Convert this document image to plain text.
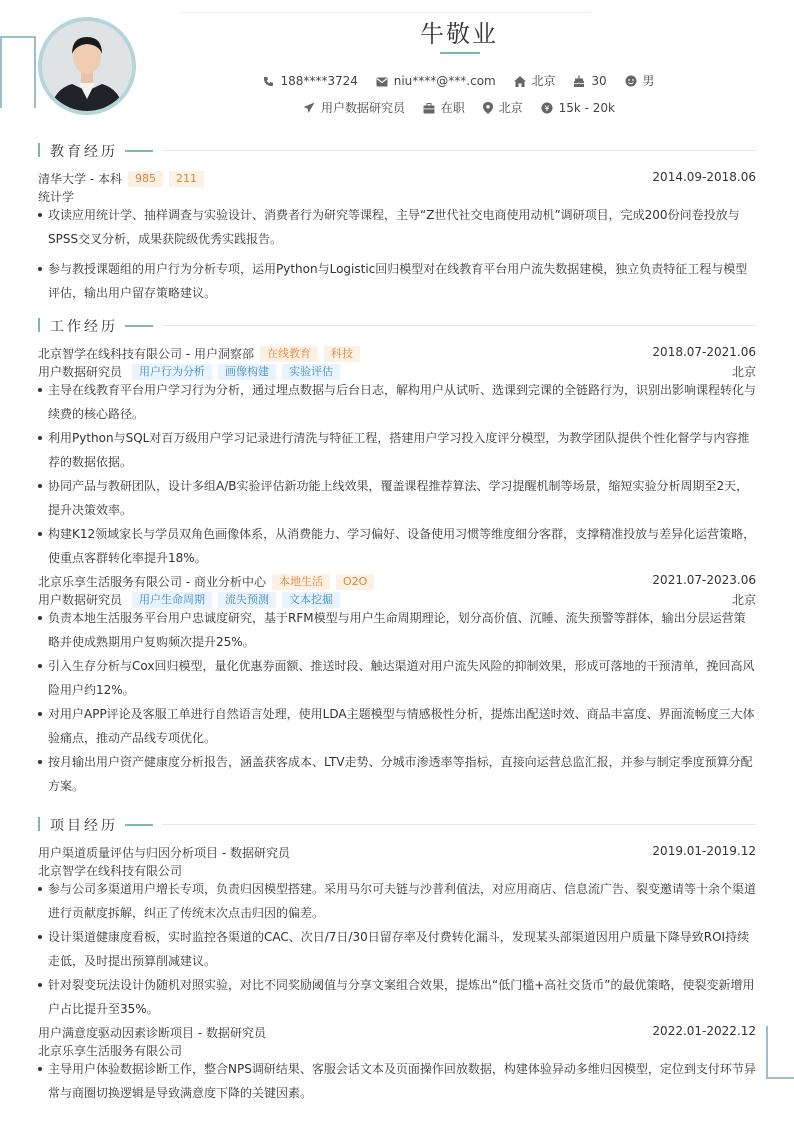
牛敬业
188****3724	niu****@***.com	北京	30	男
用户数据研究员	在职	北京	15k - 20k
教育经历
清华大学 - 本科 985 211	2014.09-2018.06
统计学
攻读应用统计学、抽样调查与实验设计、消费者行为研究等课程，主导“Z世代社交电商使用动机”调研项目，完成200份问卷投放与SPSS交叉分析，成果获院级优秀实践报告。
参与教授课题组的用户行为分析专项，运用Python与Logistic回归模型对在线教育平台用户流失数据建模，独立负责特征工程与模型评估，输出用户留存策略建议。
工作经历
北京智学在线科技有限公司 - 用户洞察部 在线教育 科技	2018.07-2021.06
用户数据研究员 用户行为分析 画像构建 实验评估	北京
主导在线教育平台用户学习行为分析，通过埋点数据与后台日志，解构用户从试听、选课到完课的全链路行为，识别出影响课程转化与续费的核心路径。
利用Python与SQL对百万级用户学习记录进行清洗与特征工程，搭建用户学习投入度评分模型，为教学团队提供个性化督学与内容推荐的数据依据。
协同产品与教研团队，设计多组A/B实验评估新功能上线效果，覆盖课程推荐算法、学习提醒机制等场景，缩短实验分析周期至2天，提升决策效率。
构建K12领域家长与学员双角色画像体系，从消费能力、学习偏好、设备使用习惯等维度细分客群，支撑精准投放与差异化运营策略，使重点客群转化率提升18%。
北京乐享生活服务有限公司 - 商业分析中心 本地生活 O2O	2021.07-2023.06
用户数据研究员 用户生命周期 流失预测 文本挖掘	北京
负责本地生活服务平台用户忠诚度研究，基于RFM模型与用户生命周期理论，划分高价值、沉睡、流失预警等群体，输出分层运营策略并使成熟期用户复购频次提升25%。
引入生存分析与Cox回归模型，量化优惠券面额、推送时段、触达渠道对用户流失风险的抑制效果，形成可落地的干预清单，挽回高风险用户约12%。
对用户APP评论及客服工单进行自然语言处理，使用LDA主题模型与情感极性分析，提炼出配送时效、商品丰富度、界面流畅度三大体验痛点，推动产品线专项优化。
按月输出用户资产健康度分析报告，涵盖获客成本、LTV走势、分城市渗透率等指标，直接向运营总监汇报，并参与制定季度预算分配方案。
项目经历
用户渠道质量评估与归因分析项目 - 数据研究员	2019.01-2019.12
北京智学在线科技有限公司
参与公司多渠道用户增长专项，负责归因模型搭建。采用马尔可夫链与沙普利值法，对应用商店、信息流广告、裂变邀请等十余个渠道进行贡献度拆解，纠正了传统末次点击归因的偏差。
设计渠道健康度看板，实时监控各渠道的CAC、次日/7日/30日留存率及付费转化漏斗，发现某头部渠道因用户质量下降导致ROI持续走低，及时提出预算削减建议。
针对裂变玩法设计伪随机对照实验，对比不同奖励阈值与分享文案组合效果，提炼出“低门槛+高社交货币”的最优策略，使裂变新增用户占比提升至35%。
用户满意度驱动因素诊断项目 - 数据研究员	2022.01-2022.12
北京乐享生活服务有限公司
主导用户体验数据诊断工作，整合NPS调研结果、客服会话文本及页面操作回放数据，构建体验异动多维归因模型，定位到支付环节异常与商圈切换逻辑是导致满意度下降的关键因素。
